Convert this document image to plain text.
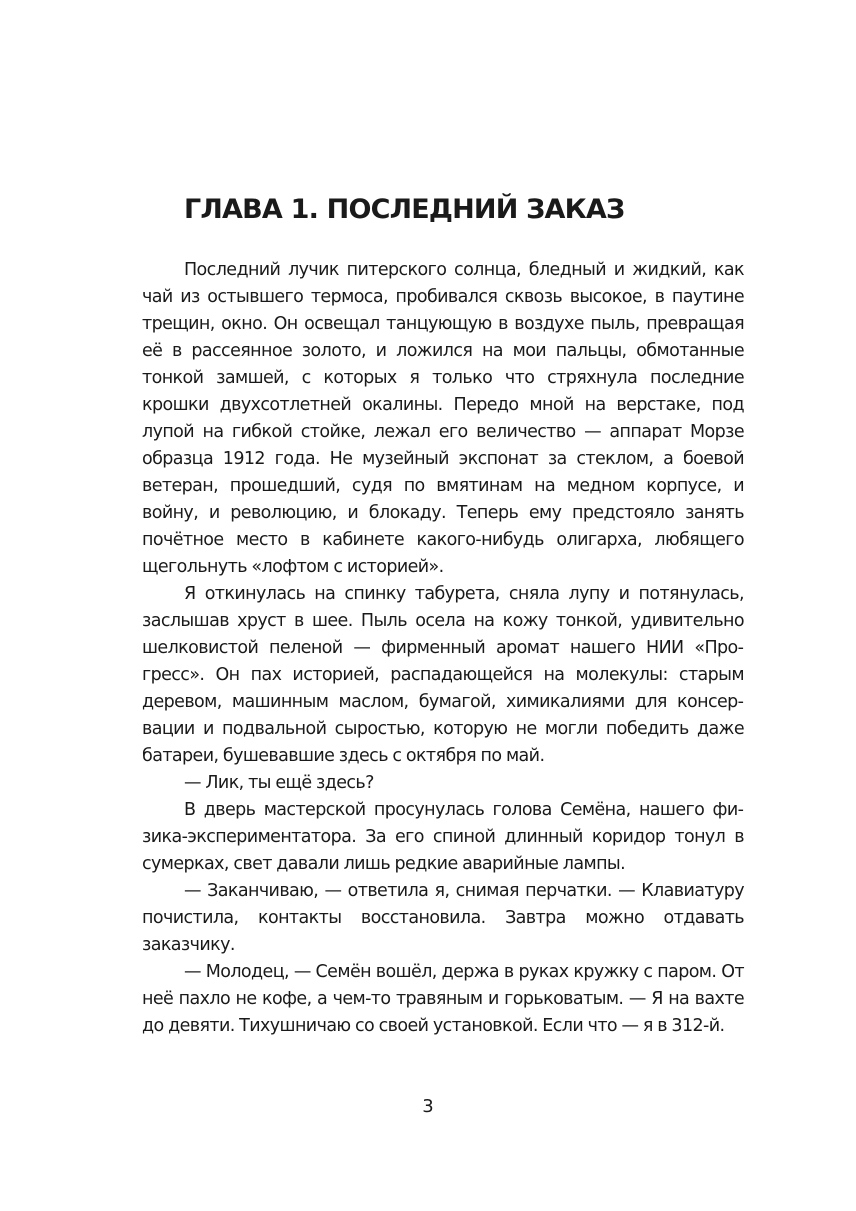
ГЛАВА 1. ПОСЛЕДНИЙ ЗАКАЗ

Последний лучик питерского солнца, бледный и жидкий, как чай из остывшего термоса, пробивался сквозь высокое, в паутине трещин, окно. Он освещал танцующую в воздухе пыль, превращая её в рассеянное золото, и ложился на мои пальцы, обмотанные тонкой замшей, с которых я только что стряхнула последние крошки двухсотлетней окалины. Передо мной на верстаке, под лупой на гибкой стойке, лежал его величество — аппарат Морзе образца 1912 года. Не музейный экспонат за стеклом, а боевой ветеран, прошедший, судя по вмятинам на медном корпусе, и войну, и революцию, и блокаду. Теперь ему предстояло занять почётное место в кабинете какого-нибудь олигарха, любящего щегольнуть «лофтом с историей».

Я откинулась на спинку табурета, сняла лупу и потянулась, заслышав хруст в шее. Пыль осела на кожу тонкой, удивительно шелковистой пеленой — фирменный аромат нашего НИИ «Прогресс». Он пах историей, распадающейся на молекулы: старым деревом, машинным маслом, бумагой, химикалиями для консервации и подвальной сыростью, которую не могли победить даже батареи, бушевавшие здесь с октября по май.

— Лик, ты ещё здесь?

В дверь мастерской просунулась голова Семёна, нашего физика-экспериментатора. За его спиной длинный коридор тонул в сумерках, свет давали лишь редкие аварийные лампы.

— Заканчиваю, — ответила я, снимая перчатки. — Клавиатуру почистила, контакты восстановила. Завтра можно отдавать заказчику.

— Молодец, — Семён вошёл, держа в руках кружку с паром. От неё пахло не кофе, а чем-то травяным и горьковатым. — Я на вахте до девяти. Тихушничаю со своей установкой. Если что — я в 312-й.

3
